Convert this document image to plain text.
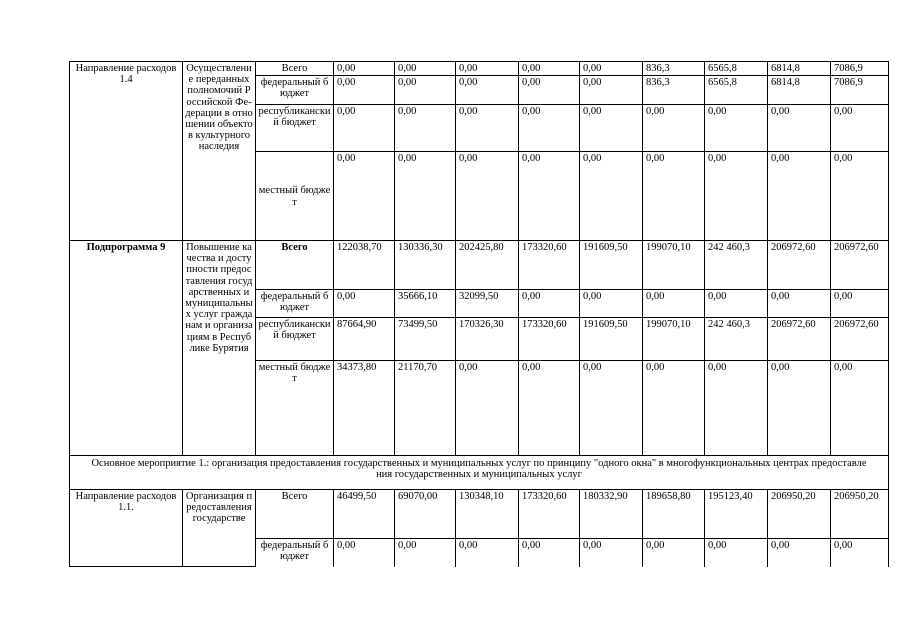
Направление расходов 1.4	Осуществление переданных полномочий Российской Фе-дерации в отношении объектов культурного наследия	Всего	0,00	0,00	0,00	0,00	0,00	836,3	6565,8	6814,8	7086,9
		федеральный бюджет	0,00	0,00	0,00	0,00	0,00	836,3	6565,8	6814,8	7086,9
		республиканский бюджет	0,00	0,00	0,00	0,00	0,00	0,00	0,00	0,00	0,00
		местный бюджет	0,00	0,00	0,00	0,00	0,00	0,00	0,00	0,00	0,00
Подпрограмма 9	Повышение качества и доступности предоставления государственных и муниципальных услуг гражданам и организациям в Республике Бурятия	Всего	122038,70	130336,30	202425,80	173320,60	191609,50	199070,10	242 460,3	206972,60	206972,60
		федеральный бюджет	0,00	35666,10	32099,50	0,00	0,00	0,00	0,00	0,00	0,00
		республиканский бюджет	87664,90	73499,50	170326,30	173320,60	191609,50	199070,10	242 460,3	206972,60	206972,60
		местный бюджет	34373,80	21170,70	0,00	0,00	0,00	0,00	0,00	0,00	0,00
Основное мероприятие 1.: организация предоставления государственных и муниципальных услуг по принципу "одного окна" в многофункциональных центрах предоставления государственных и муниципальных услуг											
Направление расходов 1.1.	Организация предоставления государстве	Всего	46499,50	69070,00	130348,10	173320,60	180332,90	189658,80	195123,40	206950,20	206950,20
		федеральный бюджет	0,00	0,00	0,00	0,00	0,00	0,00	0,00	0,00	0,00
